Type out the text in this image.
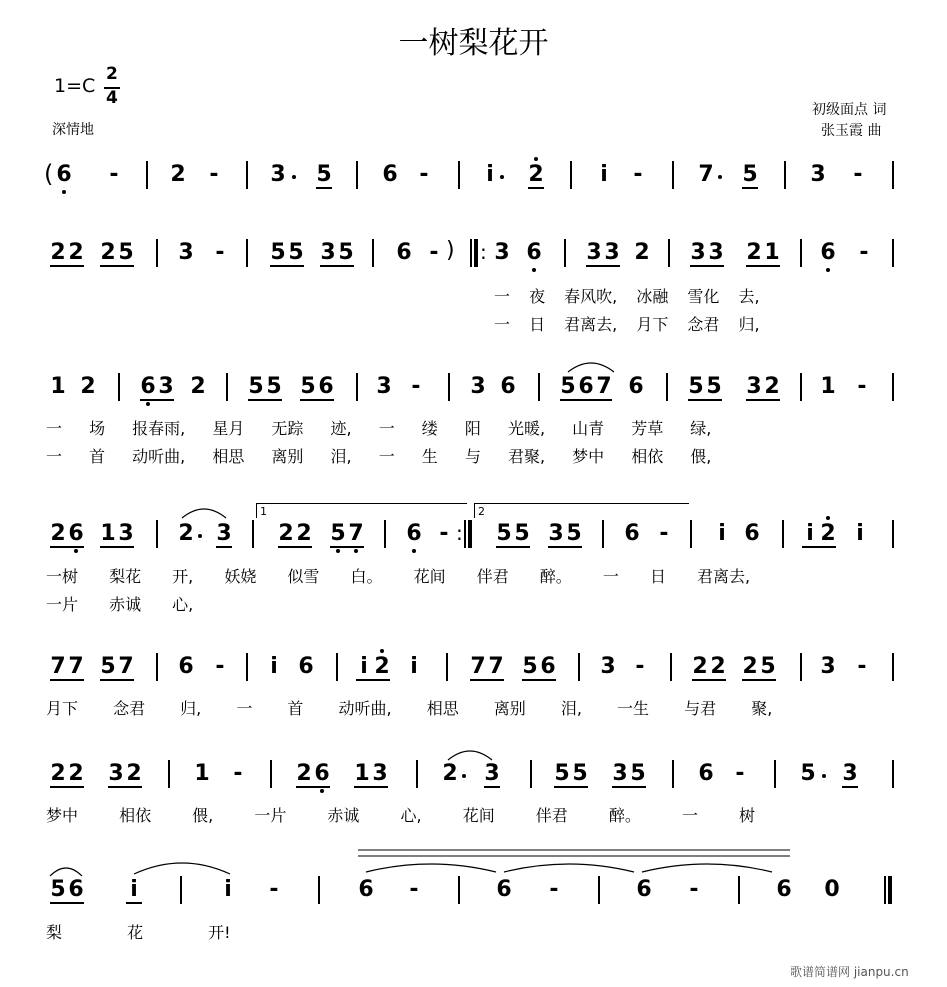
一树梨花开
1=C
2
4
深情地
初级面点 词
张玉霞 曲
( 6 - 2 - 3 5 6 -	i 2	i -	7 5 3 -
2 2 2 5 3 - 5 5 3 5 6 - ) : 3 6 3 3 2 3 3 2 1 6 -
1 2 6 3 2 5 5 5 6 3 - 3 6 5 6 7 6 5 5 3 2 1 -
2 6 1 3 2 3
1
2 2 5 7 6 - :
2
5 5 3 5 6 - i 6 i 2 i
7 7 5 7 6 - i 6 i 2 i 7 7 5 6 3 - 2 2 2 5 3 -
2 2 3 2 1 - 2 6 1 3 2 3 5 5 3 5 6 -	5 3
5 6 i	i -	6 -	6 -	6 -	6 0
一 夜 春风吹, 冰融 雪化 去,
一 日 君离去, 月下 念君 归,
一 场 报春雨, 星月 无踪 迹, 一 缕 阳 光暖, 山青 芳草 绿,
一 首 动听曲, 相思 离别 泪, 一 生 与 君聚, 梦中 相依 偎,
一树 梨花 开, 妖娆 似雪 白。 花间 伴君 醉。 一 日 君离去,
一片 赤诚 心,
月下 念君 归, 一 首 动听曲, 相思 离别 泪, 一生 与君 聚,
梦中 相依 偎, 一片 赤诚 心, 花间 伴君 醉。 一 树
梨 花 开!
歌谱简谱网 jianpu.cn
